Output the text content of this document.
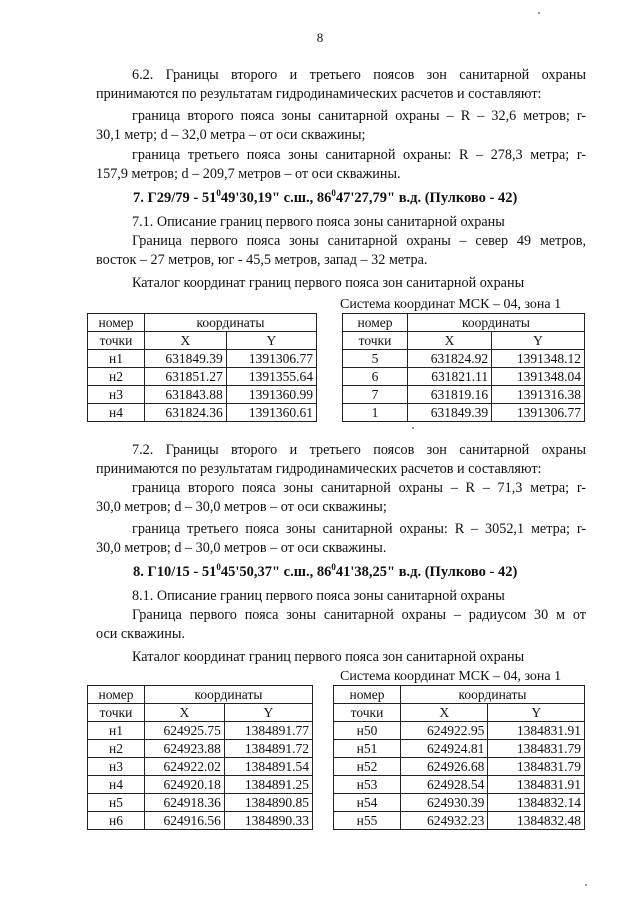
8

6.2. Границы второго и третьего поясов зон санитарной охраны

принимаются по результатам гидродинамических расчетов и составляют:

граница второго пояса зоны санитарной охраны – R – 32,6 метров; r-

30,1 метр; d – 32,0 метра – от оси скважины;

граница третьего пояса зоны санитарной охраны: R – 278,3 метра; r-

157,9 метров; d – 209,7 метров – от оси скважины.

7. $Г29/79 - 51^049'30,19$" с.ш., $86^047'27,79$" в.д. (Пулково - 42)

7.1. Описание границ первого пояса зоны санитарной охраны

Граница первого пояса зоны санитарной охраны – север 49 метров,

восток – 27 метров, юг - 45,5 метров, запад – 32 метра.

Каталог координат границ первого пояса зон санитарной охраны

Система координат МСК – 04, зона 1
номер	координаты	
точки	X	Y
н1	631849.39	1391306.77
н2	631851.27	1391355.64
н3	631843.88	1391360.99
н4	631824.36	1391360.61
номер	координаты	
точки	X	Y
5	631824.92	1391348.12
6	631821.11	1391348.04
7	631819.16	1391316.38
1	631849.39	1391306.77

7.2. Границы второго и третьего поясов зон санитарной охраны

принимаются по результатам гидродинамических расчетов и составляют:

граница второго пояса зоны санитарной охраны – R – 71,3 метра; r-

30,0 метров; d – 30,0 метров – от оси скважины;

граница третьего пояса зоны санитарной охраны: R – 3052,1 метра; r-

30,0 метров; d – 30,0 метров – от оси скважины.

8. $Г10/15 - 51^045'50,37$" с.ш., $86^041'38,25$" в.д. (Пулково - 42)

8.1. Описание границ первого пояса зоны санитарной охраны

Граница первого пояса зоны санитарной охраны – радиусом 30 м от

оси скважины.

Каталог координат границ первого пояса зон санитарной охраны

Система координат МСК – 04, зона 1
номер	координаты	
точки	X	Y
н1	624925.75	1384891.77
н2	624923.88	1384891.72
н3	624922.02	1384891.54
н4	624920.18	1384891.25
н5	624918.36	1384890.85
н6	624916.56	1384890.33
номер	координаты	
точки	X	Y
н50	624922.95	1384831.91
н51	624924.81	1384831.79
н52	624926.68	1384831.79
н53	624928.54	1384831.91
н54	624930.39	1384832.14
н55	624932.23	1384832.48
